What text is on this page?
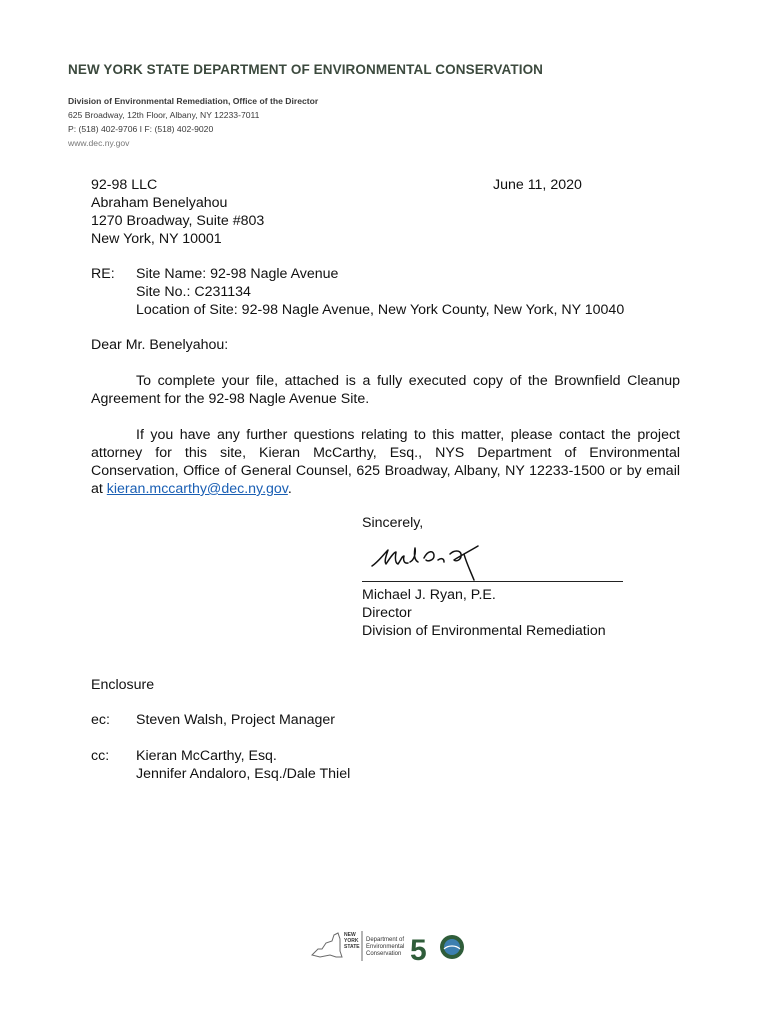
NEW YORK STATE DEPARTMENT OF ENVIRONMENTAL CONSERVATION
Division of Environmental Remediation, Office of the Director
625 Broadway, 12th Floor, Albany, NY 12233-7011
P: (518) 402-9706 I F: (518) 402-9020
www.dec.ny.gov
92-98 LLC
Abraham Benelyahou
1270 Broadway, Suite #803
New York, NY 10001
June 11, 2020
RE: Site Name: 92-98 Nagle Avenue
Site No.: C231134
Location of Site: 92-98 Nagle Avenue, New York County, New York, NY 10040
Dear Mr. Benelyahou:
To complete your file, attached is a fully executed copy of the Brownfield Cleanup Agreement for the 92-98 Nagle Avenue Site.
If you have any further questions relating to this matter, please contact the project attorney for this site, Kieran McCarthy, Esq., NYS Department of Environmental Conservation, Office of General Counsel, 625 Broadway, Albany, NY 12233-1500 or by email at kieran.mccarthy@dec.ny.gov.
Sincerely,
Michael J. Ryan, P.E.
Director
Division of Environmental Remediation
Enclosure
ec: Steven Walsh, Project Manager
cc: Kieran McCarthy, Esq.
Jennifer Andaloro, Esq./Dale Thiel
NEW
YORK
STATE
Department of
Environmental
Conservation 5
